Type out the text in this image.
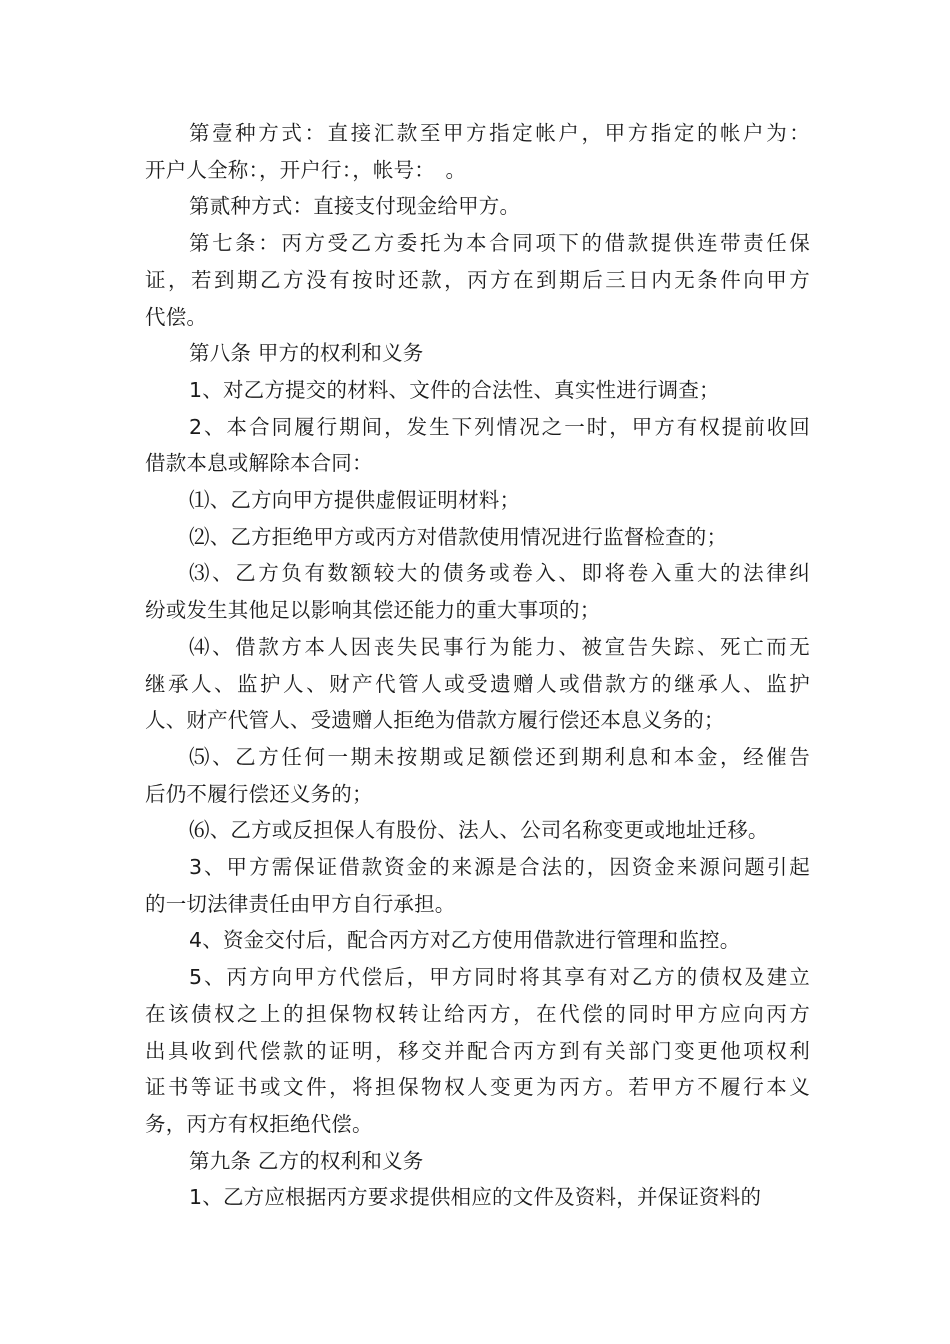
第壹种方式：直接汇款至甲方指定帐户，甲方指定的帐户为：
开户人全称：，开户行：，帐号：　。
第贰种方式：直接支付现金给甲方。
第七条：丙方受乙方委托为本合同项下的借款提供连带责任保
证，若到期乙方没有按时还款，丙方在到期后三日内无条件向甲方
代偿。
第八条 甲方的权利和义务
1、对乙方提交的材料、文件的合法性、真实性进行调查；
2、本合同履行期间，发生下列情况之一时，甲方有权提前收回
借款本息或解除本合同：
⑴、乙方向甲方提供虚假证明材料；
⑵、乙方拒绝甲方或丙方对借款使用情况进行监督检查的；
⑶、乙方负有数额较大的债务或卷入、即将卷入重大的法律纠
纷或发生其他足以影响其偿还能力的重大事项的；
⑷、借款方本人因丧失民事行为能力、被宣告失踪、死亡而无
继承人、监护人、财产代管人或受遗赠人或借款方的继承人、监护
人、财产代管人、受遗赠人拒绝为借款方履行偿还本息义务的；
⑸、乙方任何一期未按期或足额偿还到期利息和本金，经催告
后仍不履行偿还义务的；
⑹、乙方或反担保人有股份、法人、公司名称变更或地址迁移。
3、甲方需保证借款资金的来源是合法的，因资金来源问题引起
的一切法律责任由甲方自行承担。
4、资金交付后，配合丙方对乙方使用借款进行管理和监控。
5、丙方向甲方代偿后，甲方同时将其享有对乙方的债权及建立
在该债权之上的担保物权转让给丙方，在代偿的同时甲方应向丙方
出具收到代偿款的证明，移交并配合丙方到有关部门变更他项权利
证书等证书或文件，将担保物权人变更为丙方。若甲方不履行本义
务，丙方有权拒绝代偿。
第九条 乙方的权利和义务
1、乙方应根据丙方要求提供相应的文件及资料，并保证资料的
